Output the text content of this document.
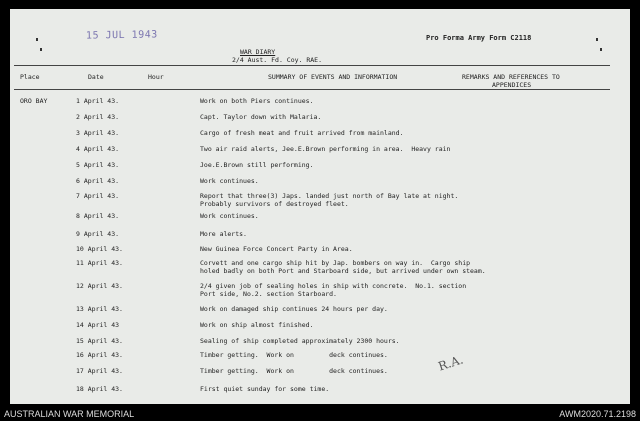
15 JUL 1943	Pro Forma Army Form C2118
WAR DIARY
2/4 Aust. Fd. Coy. RAE.
Place	Date	Hour	SUMMARY OF EVENTS AND INFORMATION	REMARKS AND REFERENCES TO
APPENDICES
ORO BAY	1 April 43.	Work on both Piers continues.
2 April 43.	Capt. Taylor down with Malaria.
3 April 43.	Cargo of fresh meat and fruit arrived from mainland.
4 April 43.	Two air raid alerts, Jee.E.Brown performing in area.  Heavy rain
5 April 43.	Joe.E.Brown still performing.
6 April 43.	Work continues.
7 April 43.	Report that three(3) Japs. landed just north of Bay late at night.
Probably survivors of destroyed fleet.
8 April 43.	Work continues.
9 April 43.	More alerts.
10 April 43.	New Guinea Force Concert Party in Area.
11 April 43.	Corvett and one cargo ship hit by Jap. bombers on way in.  Cargo ship
holed badly on both Port and Starboard side, but arrived under own steam.
12 April 43.	2/4 given job of sealing holes in ship with concrete.  No.1. section
Port side, No.2. section Starboard.
13 April 43.	Work on damaged ship continues 24 hours per day.
14 April 43	Work on ship almost finished.
15 April 43.	Sealing of ship completed approximately 2300 hours.
16 April 43.	Timber getting.  Work on         deck continues.
17 April 43.	Timber getting.  Work on         deck continues.
18 April 43.	First quiet sunday for some time.
R.A.
AUSTRALIAN WAR MEMORIAL	AWM2020.71.2198
